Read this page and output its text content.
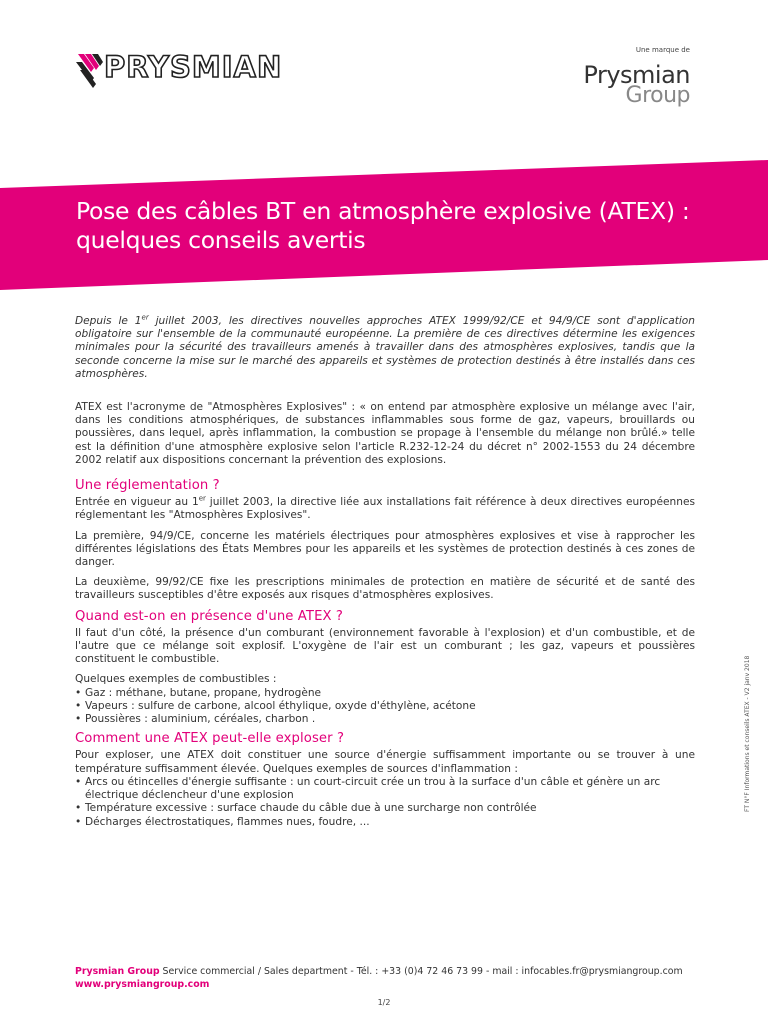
PRYSMIAN	Une marque de
Prysmian
Group
Pose des câbles BT en atmosphère explosive (ATEX) : quelques conseils avertis

Depuis le 1er juillet 2003, les directives nouvelles approches ATEX 1999/92/CE et 94/9/CE sont d'application obligatoire sur l'ensemble de la communauté européenne. La première de ces directives détermine les exigences minimales pour la sécurité des travailleurs amenés à travailler dans des atmosphères explosives, tandis que la seconde concerne la mise sur le marché des appareils et systèmes de protection destinés à être installés dans ces atmosphères.

ATEX est l'acronyme de "Atmosphères Explosives" : « on entend par atmosphère explosive un mélange avec l'air, dans les conditions atmosphériques, de substances inflammables sous forme de gaz, vapeurs, brouillards ou poussières, dans lequel, après inflammation, la combustion se propage à l'ensemble du mélange non brûlé.» telle est la définition d'une atmosphère explosive selon l'article R.232-12-24 du décret n° 2002-1553 du 24 décembre 2002 relatif aux dispositions concernant la prévention des explosions.

Une réglementation ?

Entrée en vigueur au 1er juillet 2003, la directive liée aux installations fait référence à deux directives européennes réglementant les "Atmosphères Explosives".

La première, 94/9/CE, concerne les matériels électriques pour atmosphères explosives et vise à rapprocher les différentes législations des États Membres pour les appareils et les systèmes de protection destinés à ces zones de danger.

La deuxième, 99/92/CE fixe les prescriptions minimales de protection en matière de sécurité et de santé des travailleurs susceptibles d'être exposés aux risques d'atmosphères explosives.

Quand est-on en présence d'une ATEX ?

Il faut d'un côté, la présence d'un comburant (environnement favorable à l'explosion) et d'un combustible, et de l'autre que ce mélange soit explosif. L'oxygène de l'air est un comburant ; les gaz, vapeurs et poussières constituent le combustible.

Quelques exemples de combustibles :

• Gaz : méthane, butane, propane, hydrogène
• Vapeurs : sulfure de carbone, alcool éthylique, oxyde d'éthylène, acétone
• Poussières : aluminium, céréales, charbon .
Comment une ATEX peut-elle exploser ?

Pour exploser, une ATEX doit constituer une source d'énergie suffisamment importante ou se trouver à une température suffisamment élevée. Quelques exemples de sources d'inflammation :

• Arcs ou étincelles d'énergie suffisante : un court-circuit crée un trou à la surface d'un câble et génère un arc électrique déclencheur d'une explosion
• Température excessive : surface chaude du câble due à une surcharge non contrôlée
• Décharges électrostatiques, flammes nues, foudre, ...
FT N°F Informations et conseils ATEX - V2 janv 2018
Prysmian Group Service commercial / Sales department - Tél. : +33 (0)4 72 46 73 99 - mail : infocables.fr@prysmiangroup.com
www.prysmiangroup.com
1/2
